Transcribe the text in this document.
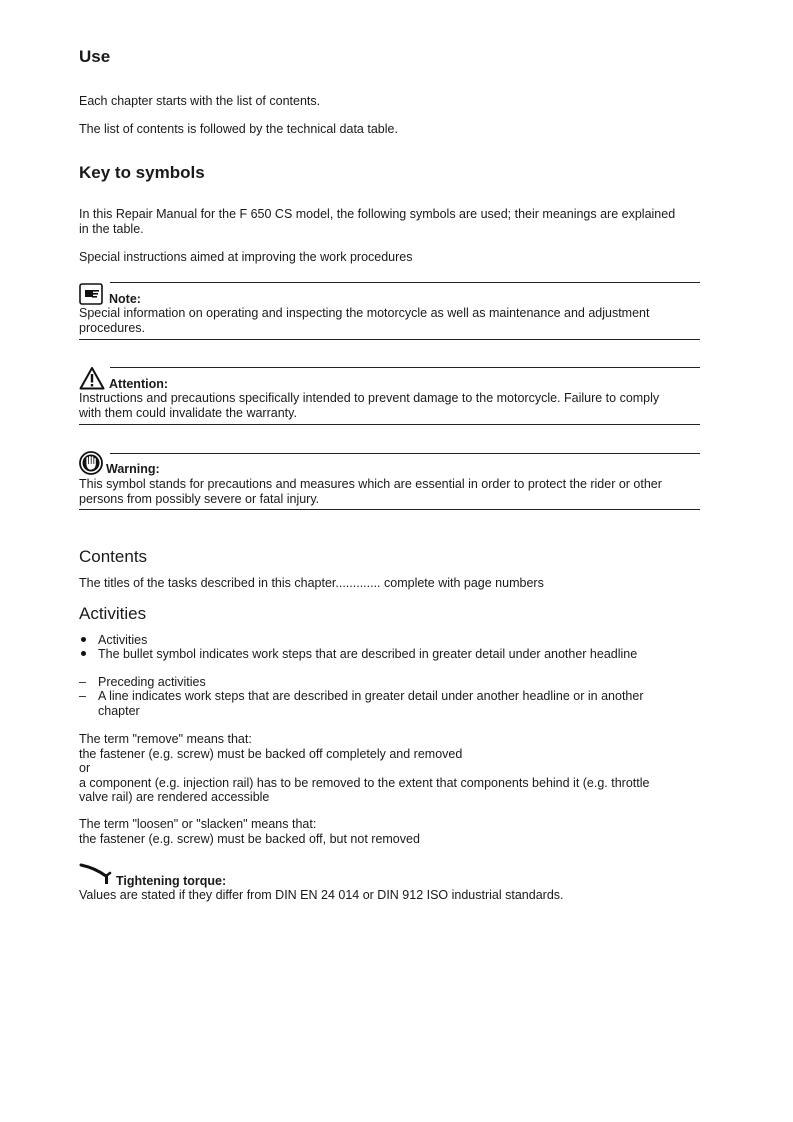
Use
Each chapter starts with the list of contents.
The list of contents is followed by the technical data table.
Key to symbols
In this Repair Manual for the F 650 CS model, the following symbols are used; their meanings are explained
in the table.
Special instructions aimed at improving the work procedures
Note:
Special information on operating and inspecting the motorcycle as well as maintenance and adjustment
procedures.
Attention:
Instructions and precautions specifically intended to prevent damage to the motorcycle. Failure to comply
with them could invalidate the warranty.
Warning:
This symbol stands for precautions and measures which are essential in order to protect the rider or other
persons from possibly severe or fatal injury.
Contents
The titles of the tasks described in this chapter............. complete with page numbers
Activities
Activities
The bullet symbol indicates work steps that are described in greater detail under another headline
– Preceding activities
– A line indicates work steps that are described in greater detail under another headline or in another
chapter
The term "remove" means that:
the fastener (e.g. screw) must be backed off completely and removed
or
a component (e.g. injection rail) has to be removed to the extent that components behind it (e.g. throttle
valve rail) are rendered accessible
The term "loosen" or "slacken" means that:
the fastener (e.g. screw) must be backed off, but not removed
Tightening torque:
Values are stated if they differ from DIN EN 24 014 or DIN 912 ISO industrial standards.
